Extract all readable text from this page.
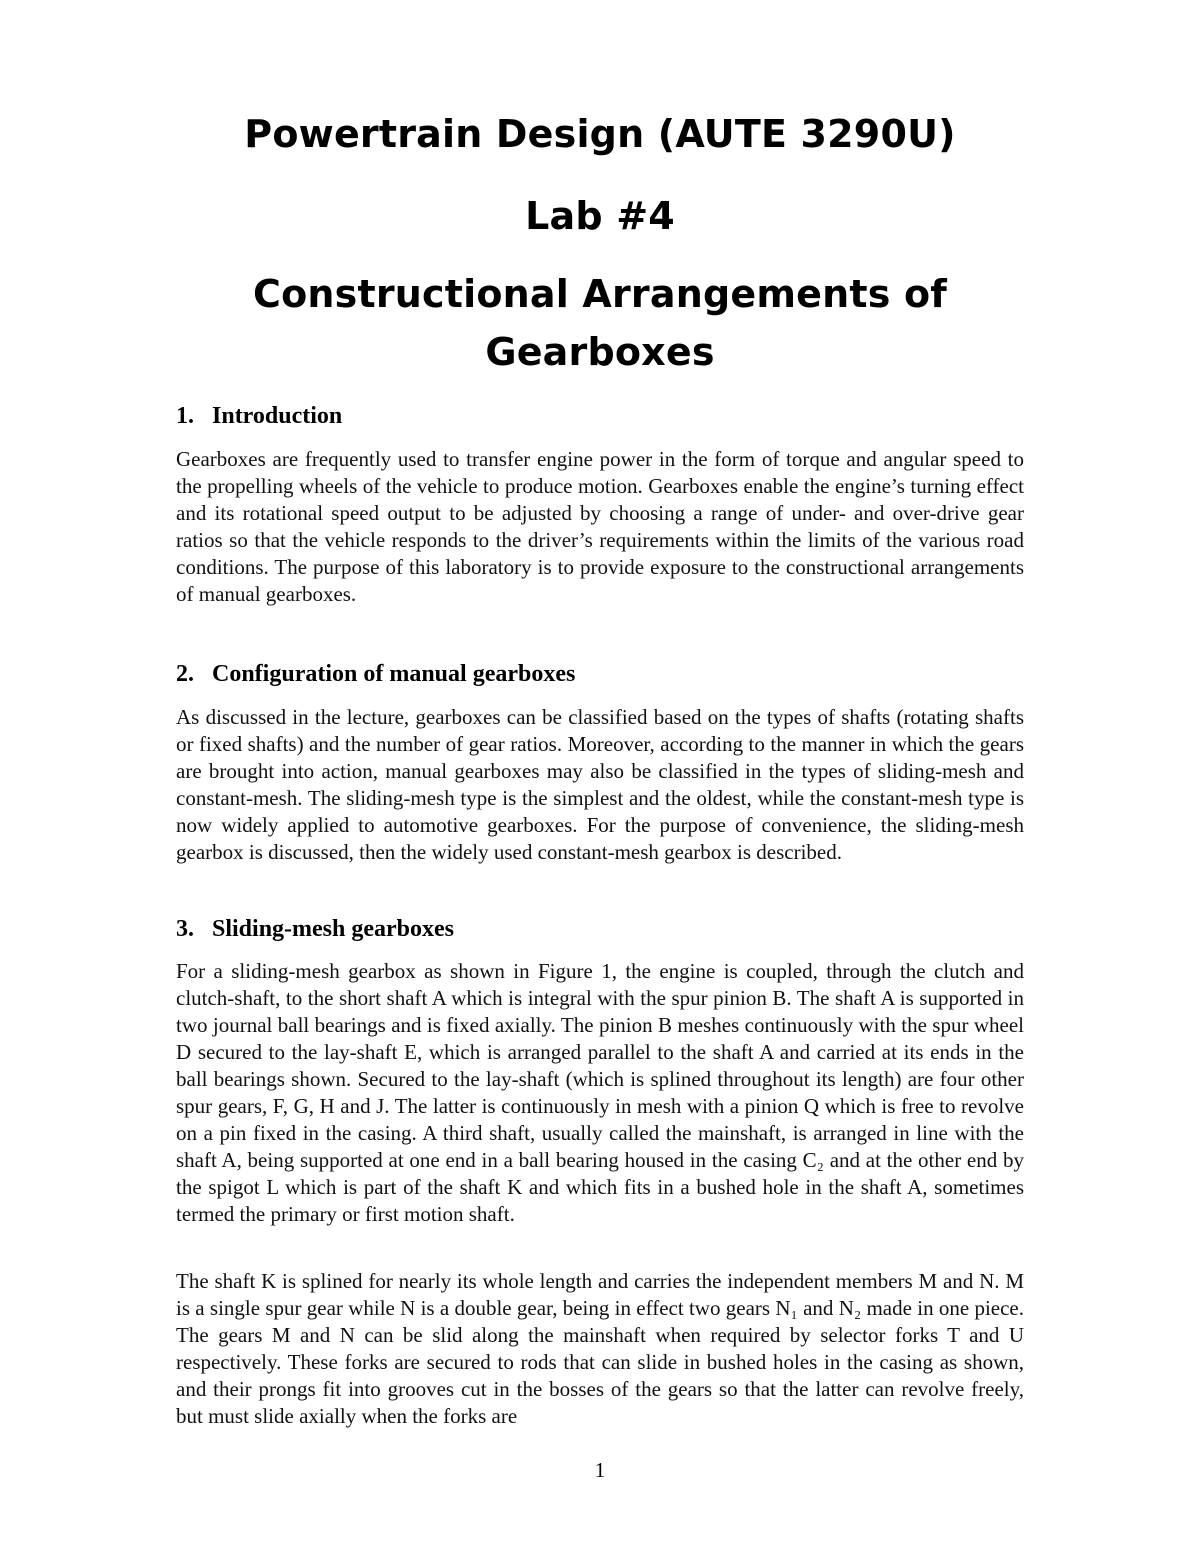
Powertrain Design (AUTE 3290U)
Lab #4
Constructional Arrangements of
Gearboxes
1. Introduction

Gearboxes are frequently used to transfer engine power in the form of torque and angular speed to the propelling wheels of the vehicle to produce motion. Gearboxes enable the engine’s turning effect and its rotational speed output to be adjusted by choosing a range of under- and over-drive gear ratios so that the vehicle responds to the driver’s requirements within the limits of the various road conditions. The purpose of this laboratory is to provide exposure to the constructional arrangements of manual gearboxes.

2. Configuration of manual gearboxes

As discussed in the lecture, gearboxes can be classified based on the types of shafts (rotating shafts or fixed shafts) and the number of gear ratios. Moreover, according to the manner in which the gears are brought into action, manual gearboxes may also be classified in the types of sliding-mesh and constant-mesh. The sliding-mesh type is the simplest and the oldest, while the constant-mesh type is now widely applied to automotive gearboxes. For the purpose of convenience, the sliding-mesh gearbox is discussed, then the widely used constant-mesh gearbox is described.

3. Sliding-mesh gearboxes

For a sliding-mesh gearbox as shown in Figure 1, the engine is coupled, through the clutch and clutch-shaft, to the short shaft A which is integral with the spur pinion B. The shaft A is supported in two journal ball bearings and is fixed axially. The pinion B meshes continuously with the spur wheel D secured to the lay-shaft E, which is arranged parallel to the shaft A and carried at its ends in the ball bearings shown. Secured to the lay-shaft (which is splined throughout its length) are four other spur gears, F, G, H and J. The latter is continuously in mesh with a pinion Q which is free to revolve on a pin fixed in the casing. A third shaft, usually called the mainshaft, is arranged in line with the shaft A, being supported at one end in a ball bearing housed in the casing C₂ and at the other end by the spigot L which is part of the shaft K and which fits in a bushed hole in the shaft A, sometimes termed the primary or first motion shaft.

The shaft K is splined for nearly its whole length and carries the independent members M and N. M is a single spur gear while N is a double gear, being in effect two gears N₁ and N₂ made in one piece. The gears M and N can be slid along the mainshaft when required by selector forks T and U respectively. These forks are secured to rods that can slide in bushed holes in the casing as shown, and their prongs fit into grooves cut in the bosses of the gears so that the latter can revolve freely, but must slide axially when the forks are

1
